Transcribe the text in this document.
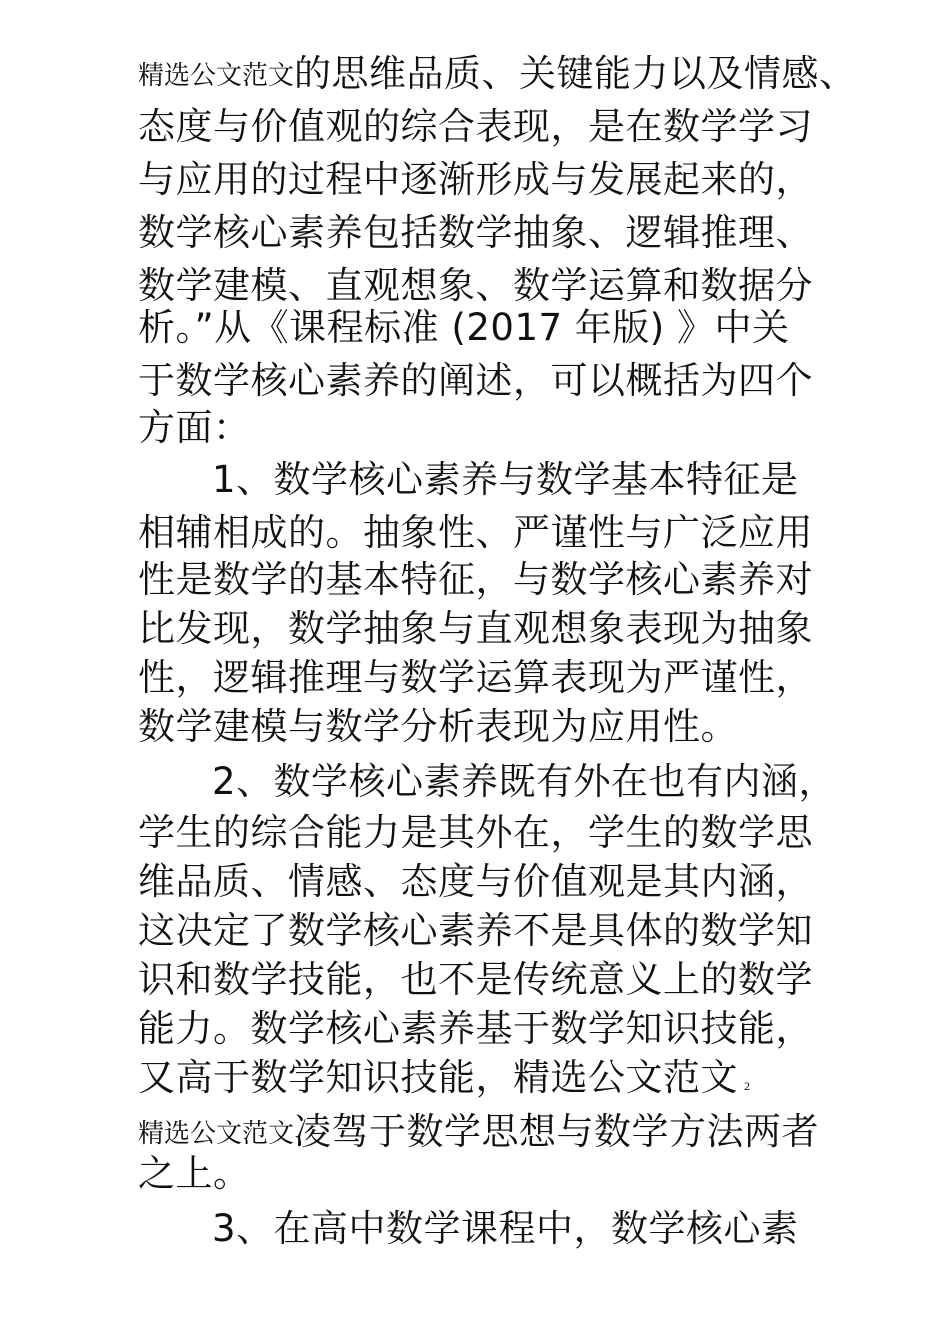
精选公文范文的思维品质、关键能力以及情感、
态度与价值观的综合表现，是在数学学习
与应用的过程中逐渐形成与发展起来的，
数学核心素养包括数学抽象、逻辑推理、
数学建模、直观想象、数学运算和数据分
析。”从《课程标准 (2017 年版) 》中关
于数学核心素养的阐述，可以概括为四个
方面：
1、数学核心素养与数学基本特征是
相辅相成的。抽象性、严谨性与广泛应用
性是数学的基本特征，与数学核心素养对
比发现，数学抽象与直观想象表现为抽象
性，逻辑推理与数学运算表现为严谨性，
数学建模与数学分析表现为应用性。
2、数学核心素养既有外在也有内涵，
学生的综合能力是其外在，学生的数学思
维品质、情感、态度与价值观是其内涵，
这决定了数学核心素养不是具体的数学知
识和数学技能，也不是传统意义上的数学
能力。数学核心素养基于数学知识技能，
又高于数学知识技能，精选公文范文 2
精选公文范文凌驾于数学思想与数学方法两者
之上。
3、在高中数学课程中，数学核心素
